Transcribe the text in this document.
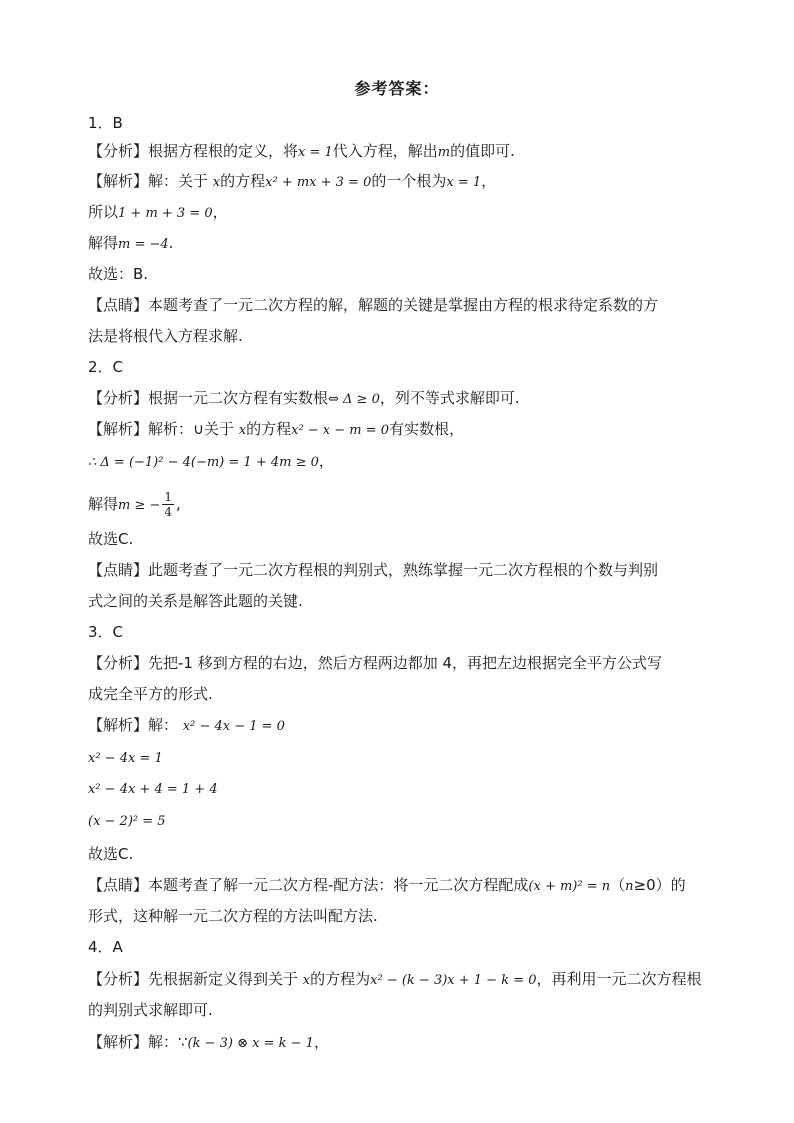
参考答案：
1．B
【分析】根据方程根的定义，将x = 1代入方程，解出m的值即可.
【解析】解：关于 x的方程x² + mx + 3 = 0的一个根为x = 1，
所以1 + m + 3 = 0，
解得m = −4.
故选：B.
【点睛】本题考查了一元二次方程的解，解题的关键是掌握由方程的根求待定系数的方
法是将根代入方程求解.
2．C
【分析】根据一元二次方程有实数根⇔ Δ ≥ 0，列不等式求解即可.
【解析】解析：∪关于 x的方程x² − x − m = 0有实数根，
∴ Δ = (−1)² − 4(−m) = 1 + 4m ≥ 0，
解得m ≥ − $\frac{1}{4}$ ,
故选C.
【点睛】此题考查了一元二次方程根的判别式，熟练掌握一元二次方程根的个数与判别
式之间的关系是解答此题的关键.
3．C
【分析】先把-1 移到方程的右边，然后方程两边都加 4，再把左边根据完全平方公式写
成完全平方的形式.
【解析】解： x² − 4x − 1 = 0
x² − 4x = 1
x² − 4x + 4 = 1 + 4
(x − 2)² = 5
故选C.
【点睛】本题考查了解一元二次方程-配方法：将一元二次方程配成(x + m)² = n（n≥0）的
形式，这种解一元二次方程的方法叫配方法.
4．A
【分析】先根据新定义得到关于 x的方程为x² − (k − 3)x + 1 − k = 0，再利用一元二次方程根
的判别式求解即可.
【解析】解：∵(k − 3) ⊗ x = k − 1，
